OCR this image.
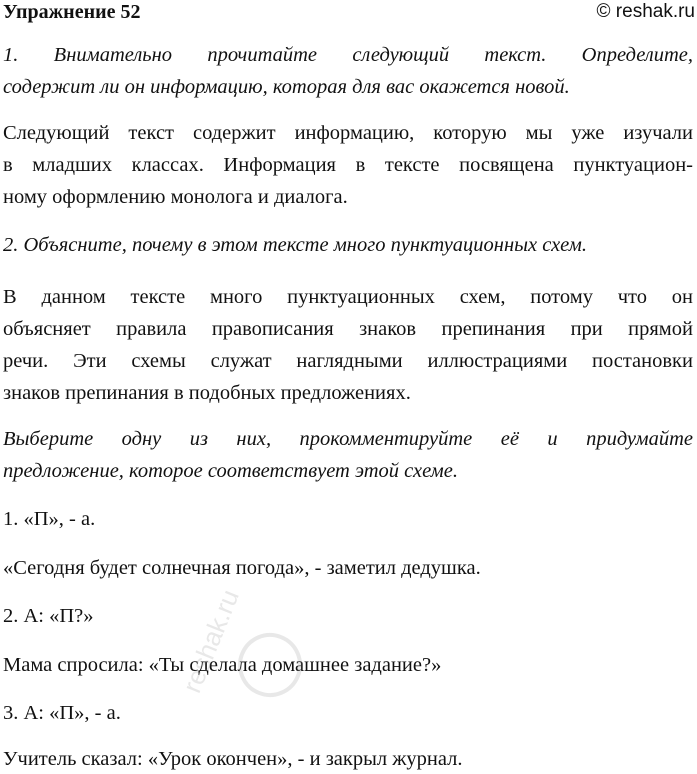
Упражнение 52	© reshak.ru
1. Внимательно прочитайте следующий текст. Определите,
содержит ли он информацию, которая для вас окажется новой.
Следующий текст содержит информацию, которую мы уже изучали
в младших классах. Информация в тексте посвящена пунктуацион-
ному оформлению монолога и диалога.
2. Объясните, почему в этом тексте много пунктуационных схем.
В данном тексте много пунктуационных схем, потому что он
объясняет правила правописания знаков препинания при прямой
речи. Эти схемы служат наглядными иллюстрациями постановки
знаков препинания в подобных предложениях.
Выберите одну из них, прокомментируйте её и придумайте
предложение, которое соответствует этой схеме.
1. «П», - а.
«Сегодня будет солнечная погода», - заметил дедушка.
2. А: «П?»
Мама спросила: «Ты сделала домашнее задание?»
3. А: «П», - а.
Учитель сказал: «Урок окончен», - и закрыл журнал.
reshak.ru
